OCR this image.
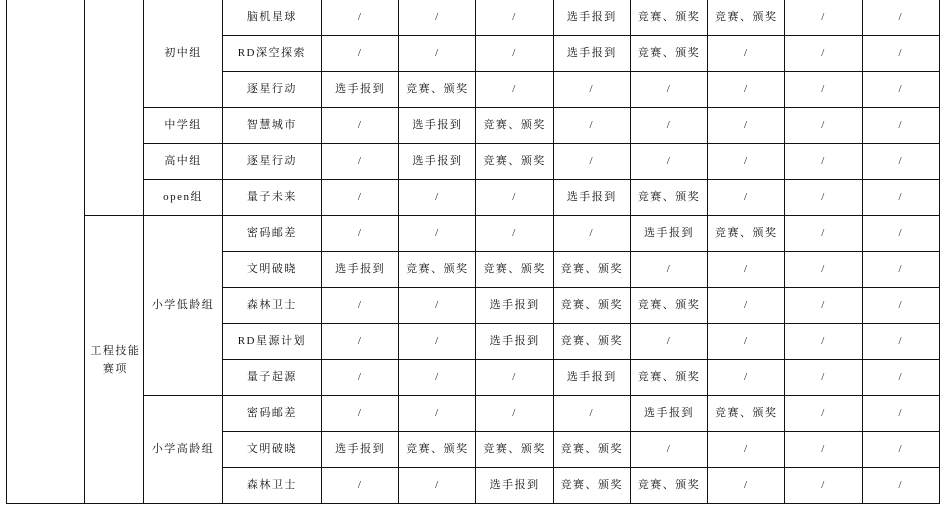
		初中组	脑机星球	/	/	/	选手报到	竞赛、颁奖	竞赛、颁奖	/	/
			RD深空探索	/	/	/	选手报到	竞赛、颁奖	/	/	/
			逐星行动	选手报到	竞赛、颁奖	/	/	/	/	/	/
		中学组	智慧城市	/	选手报到	竞赛、颁奖	/	/	/	/	/
		高中组	逐星行动	/	选手报到	竞赛、颁奖	/	/	/	/	/
		open组	量子未来	/	/	/	选手报到	竞赛、颁奖	/	/	/
	工程技能赛项	小学低龄组	密码邮差	/	/	/	/	选手报到	竞赛、颁奖	/	/
			文明破晓	选手报到	竞赛、颁奖	竞赛、颁奖	竞赛、颁奖	/	/	/	/
			森林卫士	/	/	选手报到	竞赛、颁奖	竞赛、颁奖	/	/	/
			RD星源计划	/	/	选手报到	竞赛、颁奖	/	/	/	/
			量子起源	/	/	/	选手报到	竞赛、颁奖	/	/	/
		小学高龄组	密码邮差	/	/	/	/	选手报到	竞赛、颁奖	/	/
			文明破晓	选手报到	竞赛、颁奖	竞赛、颁奖	竞赛、颁奖	/	/	/	/
			森林卫士	/	/	选手报到	竞赛、颁奖	竞赛、颁奖	/	/	/
